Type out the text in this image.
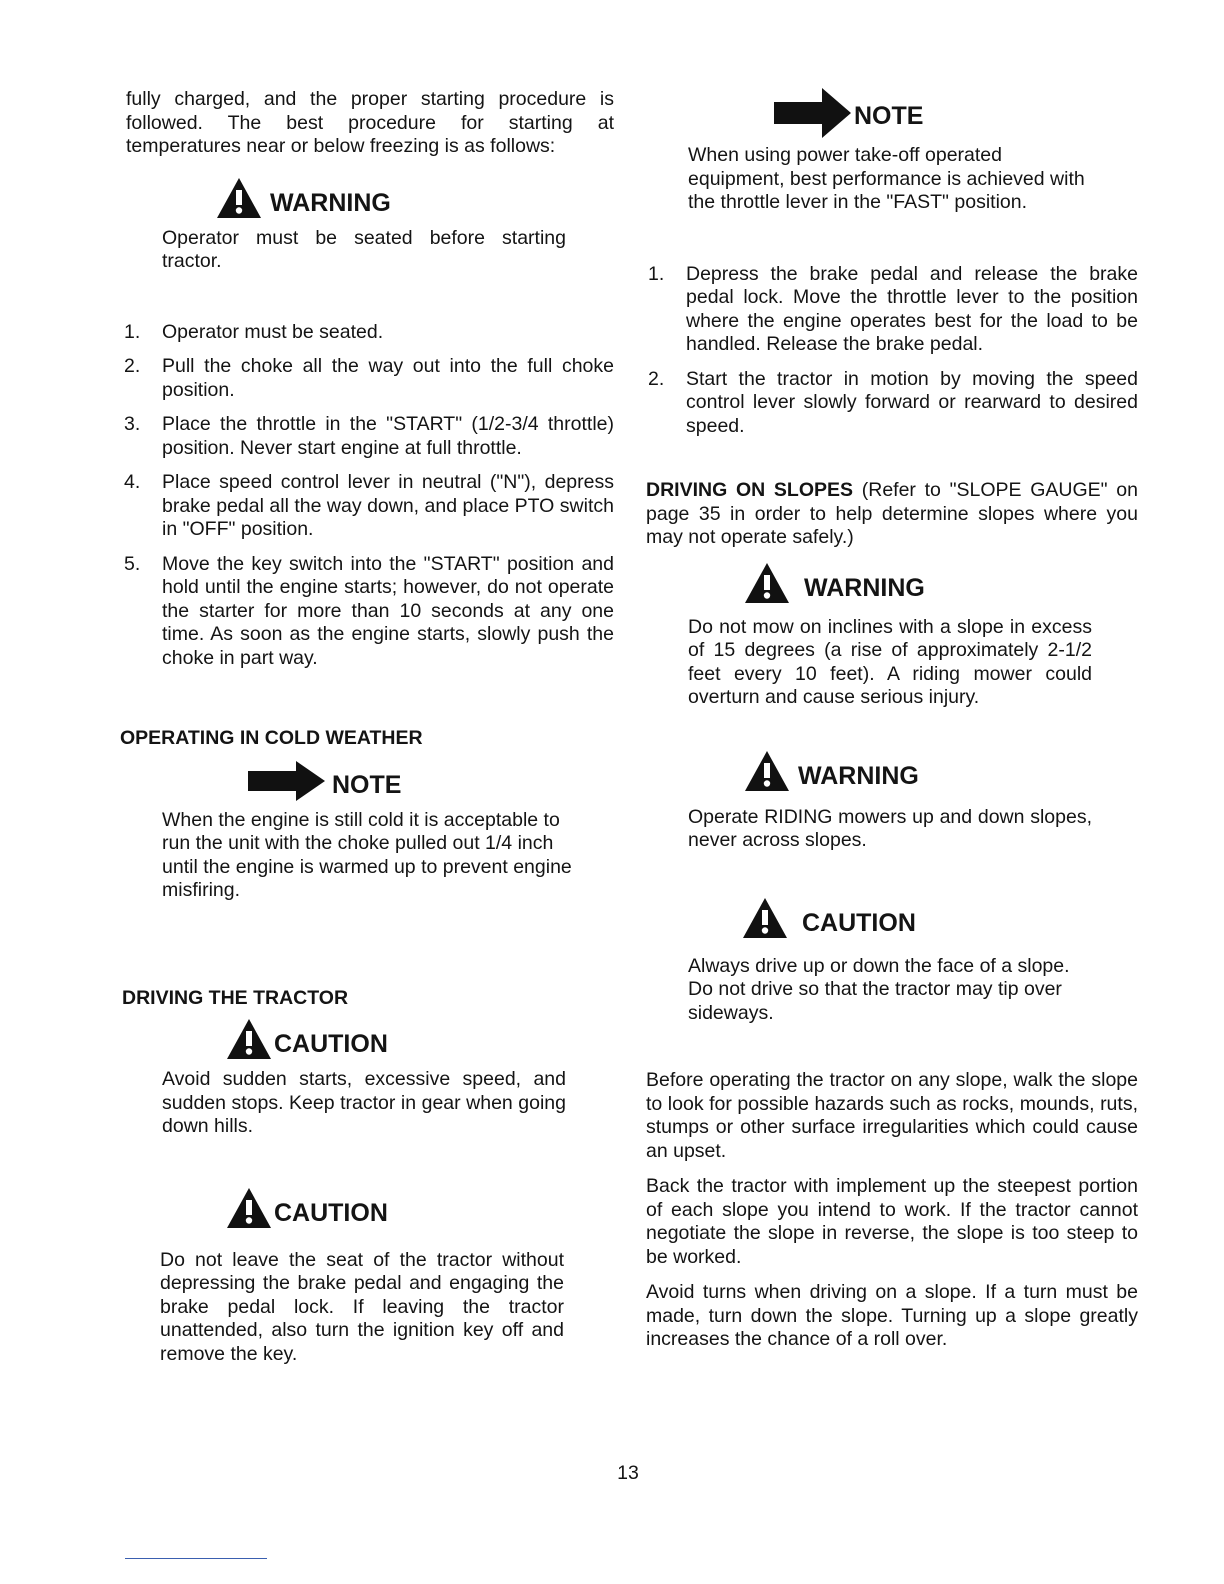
fully charged, and the proper starting procedure is followed. The best procedure for starting at temperatures near or below freezing is as follows:

WARNING

Operator must be seated before starting tractor.

1.	Operator must be seated.
2.	Pull the choke all the way out into the full choke position.
3.	Place the throttle in the "START" (1/2-3/4 throttle) position. Never start engine at full throttle.
4.	Place speed control lever in neutral ("N"), depress brake pedal all the way down, and place PTO switch in "OFF" position.
5.	Move the key switch into the "START" position and hold until the engine starts; however, do not operate the starter for more than 10 seconds at any one time. As soon as the engine starts, slowly push the choke in part way.

OPERATING IN COLD WEATHER

NOTE

When the engine is still cold it is acceptable to run the unit with the choke pulled out 1/4 inch until the engine is warmed up to prevent engine misfiring.

DRIVING THE TRACTOR

CAUTION

Avoid sudden starts, excessive speed, and sudden stops. Keep tractor in gear when going down hills.

CAUTION

Do not leave the seat of the tractor without depressing the brake pedal and engaging the brake pedal lock. If leaving the tractor unattended, also turn the ignition key off and remove the key.

NOTE

When using power take-off operated equipment, best performance is achieved with the throttle lever in the "FAST" position.

1.	Depress the brake pedal and release the brake pedal lock. Move the throttle lever to the position where the engine operates best for the load to be handled. Release the brake pedal.
2.	Start the tractor in motion by moving the speed control lever slowly forward or rearward to desired speed.

DRIVING ON SLOPES (Refer to "SLOPE GAUGE" on page 35 in order to help determine slopes where you may not operate safely.)

WARNING

Do not mow on inclines with a slope in excess of 15 degrees (a rise of approximately 2-1/2 feet every 10 feet). A riding mower could overturn and cause serious injury.

WARNING

Operate RIDING mowers up and down slopes, never across slopes.

CAUTION

Always drive up or down the face of a slope. Do not drive so that the tractor may tip over sideways.

Before operating the tractor on any slope, walk the slope to look for possible hazards such as rocks, mounds, ruts, stumps or other surface irregularities which could cause an upset.

Back the tractor with implement up the steepest portion of each slope you intend to work. If the tractor cannot negotiate the slope in reverse, the slope is too steep to be worked.

Avoid turns when driving on a slope. If a turn must be made, turn down the slope. Turning up a slope greatly increases the chance of a roll over.

13
